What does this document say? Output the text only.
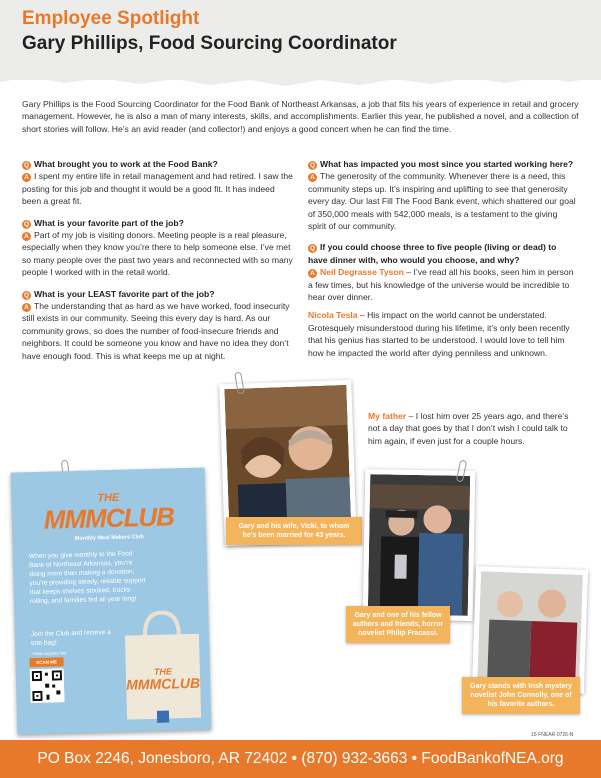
Employee Spotlight
Gary Phillips, Food Sourcing Coordinator
Gary Phillips is the Food Sourcing Coordinator for the Food Bank of Northeast Arkansas, a job that fits his years of experience in retail and grocery management. However, he is also a man of many interests, skills, and accomplishments. Earlier this year, he published a novel, and a collection of short stories will follow. He’s an avid reader (and collector!) and enjoys a good concert when he can find the time.
Q What brought you to work at the Food Bank?
A I spent my entire life in retail management and had retired. I saw the posting for this job and thought it would be a good fit. It has indeed been a great fit.
Q What is your favorite part of the job?
A Part of my job is visiting donors. Meeting people is a real pleasure, especially when they know you’re there to help someone else. I’ve met so many people over the past two years and reconnected with so many people I worked with in the retail world.
Q What is your LEAST favorite part of the job?
A The understanding that as hard as we have worked, food insecurity still exists in our community. Seeing this every day is hard. As our community grows, so does the number of food-insecure friends and neighbors. It could be someone you know and have no idea they don’t have enough food. This is what keeps me up at night.
Q What has impacted you most since you started working here?
A The generosity of the community. Whenever there is a need, this community steps up. It’s inspiring and uplifting to see that generosity every day. Our last Fill The Food Bank event, which shattered our goal of 350,000 meals with 542,000 meals, is a testament to the giving spirit of our community.
Q If you could choose three to five people (living or dead) to have dinner with, who would you choose, and why?
A Neil Degrasse Tyson – I’ve read all his books, seen him in person a few times, but his knowledge of the universe would be incredible to hear over dinner.
Nicola Tesla – His impact on the world cannot be understated. Grotesquely misunderstood during his lifetime, it’s only been recently that his genius has started to be understood. I would love to tell him how he impacted the world after dying penniless and unknown.
My father – I lost him over 25 years ago, and there’s not a day that goes by that I don’t wish I could talk to him again, if even just for a couple hours.
Gary and his wife, Vicki, to whom he's been married for 43 years.
Gary and one of his fellow authors and friends, horror novelist Philip Fracassi.
Gary stands with Irish mystery novelist John Connolly, one of his favorite authors.
THE
MMMCLUB
Monthly Meal Makers Club
When you give monthly to the Food Bank of Northeast Arkansas, you’re doing more than making a donation, you’re providing steady, reliable support that keeps shelves stocked, trucks rolling, and families fed all year long!
Join the Club and recieve a tote bag!
*While supplies last
SCAN ME
THE
MMMCLUB
15-FNEAR-0726-N
PO Box 2246, Jonesboro, AR 72402 • (870) 932-3663 • FoodBankofNEA.org
